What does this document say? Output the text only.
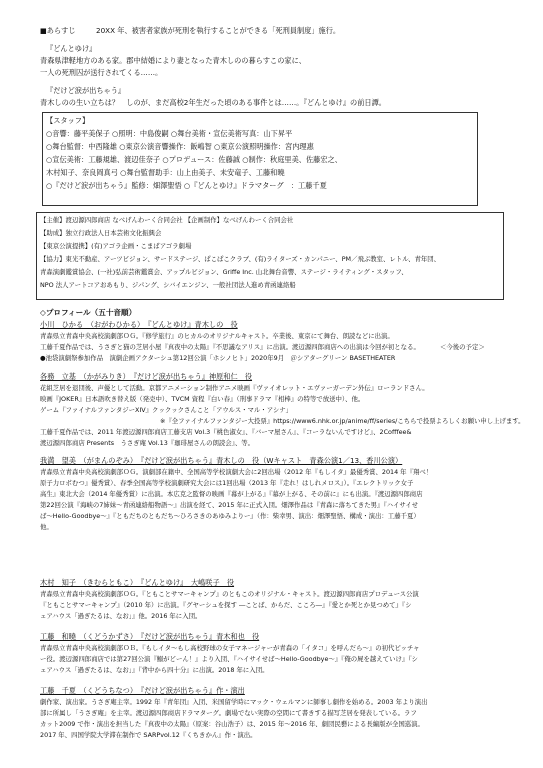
■あらすじ	20XX 年、被害者家族が死刑を執行することができる「死刑員制度」施行。
『どんとゆけ』
青森県津軽地方のある家。郡中結婚により妻となった青木しのの暮らすこの家に、
一人の死刑囚が送行されてくる……。
『だけど涙が出ちゃう』
青木しのの生い立ちは？　しのが、まだ高校2年生だった頃のある事件とは……。『どんとゆけ』の前日譚。
【スタッフ】
○音響：藤平美保子 ○照明：中島俊嗣 ○舞台美術・宣伝美術写真：山下昇平
○舞台監督：中西隆雄 ○東京公演音響操作：飯嶋智 ○東京公演照明操作：宮内理惠
○宣伝美術：工藤規雄、渡辺佳奈子 ○プロデュース：佐藤誠 ○制作：秋庭里美、佐藤宏之、
木村知子、奈良岡真弓 ○舞台監督助手：山上由美子、未安竜子、工藤和曉
○『だけど涙が出ちゃう』監修：畑澤聖悟 ○『どんとゆけ』ドラマターグ　：工藤千夏
【主催】渡辺源四郎商店 なべげんわーく合同会社 【企画制作】なべげんわーく合同会社
【助成】独立行政法人日本芸術文化振興会
【東京公演提携】(有)アゴラ企画・こまばアゴラ劇場
【協力】東光不動産、アーツビジョン、サードステージ、ぱこぱこクラブ、(有)ライターズ・カンパニー、PM／飛ぶ教室、レトル、青年団、
青森演劇鑑賞協会、(一社)弘前芸術鑑賞会、アップルビジョン、Griffe Inc. 山北舞台音響、ステージ・ライティング・スタッフ、
NPO 法人アートコアおあもり、ジパング、シバイエンジン、一般社団法人進め青函連絡船
◇プロフィール（五十音順）
小川　ひかる　（おがわひかる）　『どんとゆけ』青木しの　役
青森県立青森中央高校演劇部ＯＧ。『修学旅行』のヒカルのオリジナルキャスト。卒業後、東京にて舞台、朗読などに出演。
工藤千夏作品では、うさぎと猫の芝居小屋『真夜中の太陽』『不思議なアリス』に出演。渡辺源四郎商店への出演は今回が初となる。
●池袋演劇祭参加作品　演劇企画アクターシュ第12回公演「ホシノヒト」2020年9月　＠シアターグリーン BASETHEATER
＜今後の予定＞
各務　立基　（かがみりき）　『だけど涙が出ちゃう』神原和仁　役
花組芝居を退団後、声優として活動。京都アニメーション制作アニメ映画『ヴァイオレット・エヴァーガーデン外伝』ローランドさん。
映画『JOKER』日本語吹き替え版（発売中）、TVCM 資程『白い春』（刑事ドラマ『相棒』の特等で放送中）、他。
ゲーム『ファイナルファンタジーXIV』クックックさんこと「アウルス・マル・アシナ」
※『全ファイナルファンタジー大投票』https://www6.nhk.or.jp/anime/ff/series/こちらで投票よろしくお願い申し上げます。
工藤千夏作品では、2011 年渡辺源四郎商店工藤支店 Vol.3『桃色淑女』、『バーマ屋さん』、『コーラないんですけど』、2Cofffee&
渡辺源四郎商店 Presents　うさぎ庵 Vol.13『珈琲屋さんの朗読会』、等。
我満　望美　（がまんのぞみ）　『だけど涙が出ちゃう』青木しの　役（Wキャスト　青森公演1／13、香川公演）
青森県立青森中央高校演劇部ＯＧ。演劇部在籍中、全国高等学校演劇大会に2回出場（2012 年『もしイタ』最優秀賞、2014 年『翔べ！
原子力ロボむつ』優秀賞）、春季全国高等学校演劇研究大会には1回出場（2013 年『走れ！はしれメロス』）。『エレクトリック女子
高生』東北大会（2014 年優秀賞）に出演。本広克之監督の映画『幕が上がる』『幕が上がる、その前に』にも出演。『渡辺源四郎商店
第22回公演『海峡の7姉妹〜青函連絡船物語〜』出演を経て、2015 年に正式入団。畑澤作品は『青森に落ちてきた男』『ハイサイせ
ば〜Hello-Goodbye〜』『ともだちのともだち〜ひろさきのあゆみよりー』（作：柴幸男、演出：畑澤聖悟、構成・演出：工藤千夏）
他。
木村　知子　（きむらともこ）　『どんとゆけ』　大嶋咲子　役
青森県立青森中央高校演劇部ＯＧ。『ともことサマーキャンプ』のともこのオリジナル・キャスト。渡辺源四郎商店プロデュース公演
『ともことサマーキャンプ』（2010 年）に出演。『グヤーシュを探す ―ことば、からだ、こころ―』『愛とか死とか見つめて』『シ
ェアハウス「過ぎたるは、なお」』他。2016 年に入団。
工藤　和曉　（くどうかずさ）　『だけど涙が出ちゃう』青木和也　役
青森県立青森中央高校演劇部ＯＢ。『もしイタ〜もし高校野球の女子マネージャーが青森の「イタコ」を呼んだら〜』の初代ピッチャ
ー役。渡辺源四郎商店では第27回公演『鰯がどーん！』より入団、『ハイサイせば〜Hello-Goodbye〜』『俺の屍を越えていけ』『シ
ェアハウス「過ぎたるは、なお」』『背中から四十分』に出演。2018 年に入団。
工藤　千夏　（くどうちなつ）　『だけど涙が出ちゃう』作・演出
劇作家、演出家。うさぎ庵主宰。1992 年『青年団』入団、米国留学時にマック・ウェルマンに師事し劇作を始める。2003 年より演出
部に所属し「うさぎ庵」を主宰。渡辺源四郎商店ドラマターグ。劇場でない実際の空間にて書きする描写芝居を発表している。ラフ
カット2009 で作・演出を担当した『真夜中の太陽』（原案：谷山浩子）は、2015 年〜2016 年、劇団民藝による長編版が全国巡演。
2017 年、四国学院大学滞在制作で SARPvol.12『くちきかん』作・演出。
